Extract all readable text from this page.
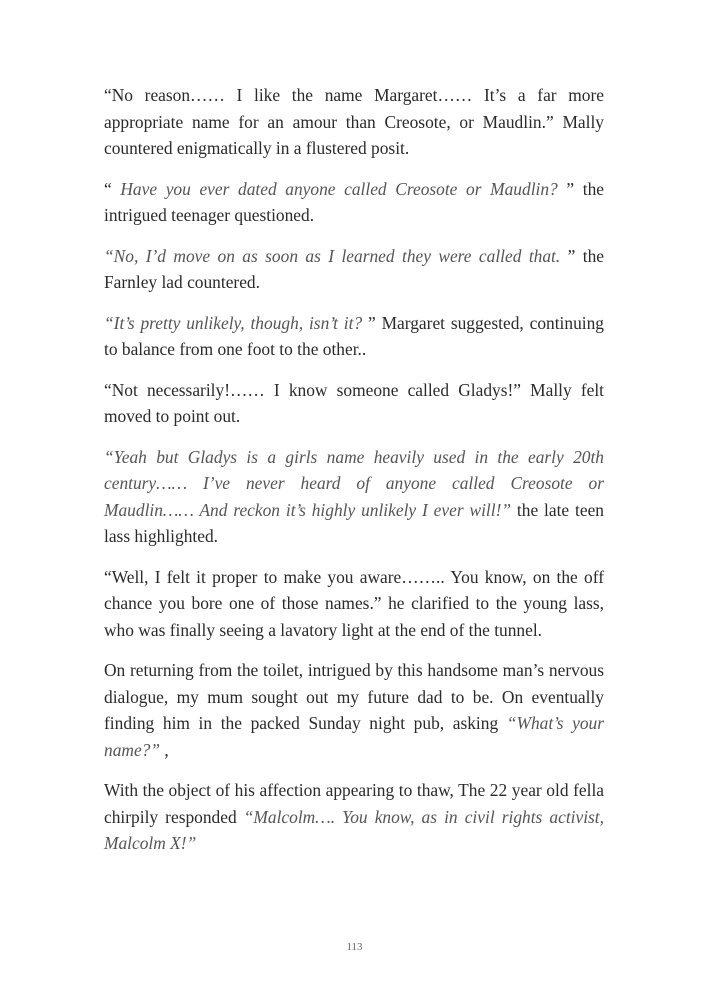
“No reason…… I like the name Margaret…… It’s a far more appropriate name for an amour than Creosote, or Maudlin.” Mally countered enigmatically in a flustered posit.

“ Have you ever dated anyone called Creosote or Maudlin? ” the intrigued teenager questioned.

“No, I’d move on as soon as I learned they were called that. ” the Farnley lad countered.

“It’s pretty unlikely, though, isn’t it? ” Margaret suggested, continuing to balance from one foot to the other..

“Not necessarily!…… I know someone called Gladys!” Mally felt moved to point out.

“Yeah but Gladys is a girls name heavily used in the early 20th century…… I’ve never heard of anyone called Creosote or Maudlin…… And reckon it’s highly unlikely I ever will!” the late teen lass highlighted.

“Well, I felt it proper to make you aware…….. You know, on the off chance you bore one of those names.” he clarified to the young lass, who was finally seeing a lavatory light at the end of the tunnel.

On returning from the toilet, intrigued by this handsome man’s nervous dialogue, my mum sought out my future dad to be. On eventually finding him in the packed Sunday night pub, asking “What’s your name?” ,

With the object of his affection appearing to thaw, The 22 year old fella chirpily responded “Malcolm…. You know, as in civil rights activist, Malcolm X!”

113
